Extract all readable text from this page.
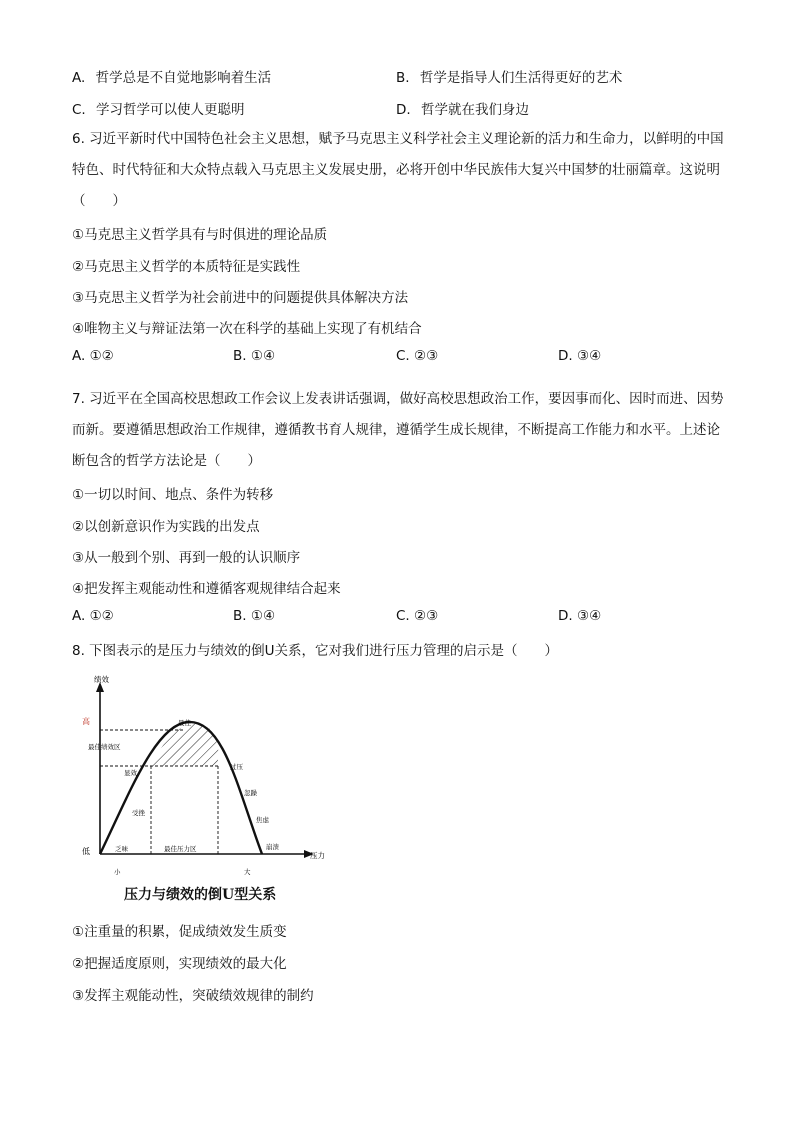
A. 哲学总是不自觉地影响着生活	B. 哲学是指导人们生活得更好的艺术
C. 学习哲学可以使人更聪明	D. 哲学就在我们身边
6. 习近平新时代中国特色社会主义思想，赋予马克思主义科学社会主义理论新的活力和生命力，以鲜明的中国特色、时代特征和大众特点载入马克思主义发展史册，必将开创中华民族伟大复兴中国梦的壮丽篇章。这说明（　　）
①马克思主义哲学具有与时俱进的理论品质
②马克思主义哲学的本质特征是实践性
③马克思主义哲学为社会前进中的问题提供具体解决方法
④唯物主义与辩证法第一次在科学的基础上实现了有机结合
A. ①②	B. ①④	C. ②③	D. ③④
7. 习近平在全国高校思想政工作会议上发表讲话强调，做好高校思想政治工作，要因事而化、因时而进、因势而新。要遵循思想政治工作规律，遵循教书育人规律，遵循学生成长规律，不断提高工作能力和水平。上述论断包含的哲学方法论是（　　）
①一切以时间、地点、条件为转移
②以创新意识作为实践的出发点
③从一般到个别、再到一般的认识顺序
④把发挥主观能动性和遵循客观规律结合起来
A. ①②	B. ①④	C. ②③	D. ③④
8. 下图表示的是压力与绩效的倒U关系，它对我们进行压力管理的启示是（　　）
绩效
高
低
最佳绩效区
最佳
显效
受挫
乏味	最佳压力区
过压
忽躁
焦虑
崩溃
压力
小	大
压力与绩效的倒U型关系
①注重量的积累，促成绩效发生质变
②把握适度原则，实现绩效的最大化
③发挥主观能动性，突破绩效规律的制约
